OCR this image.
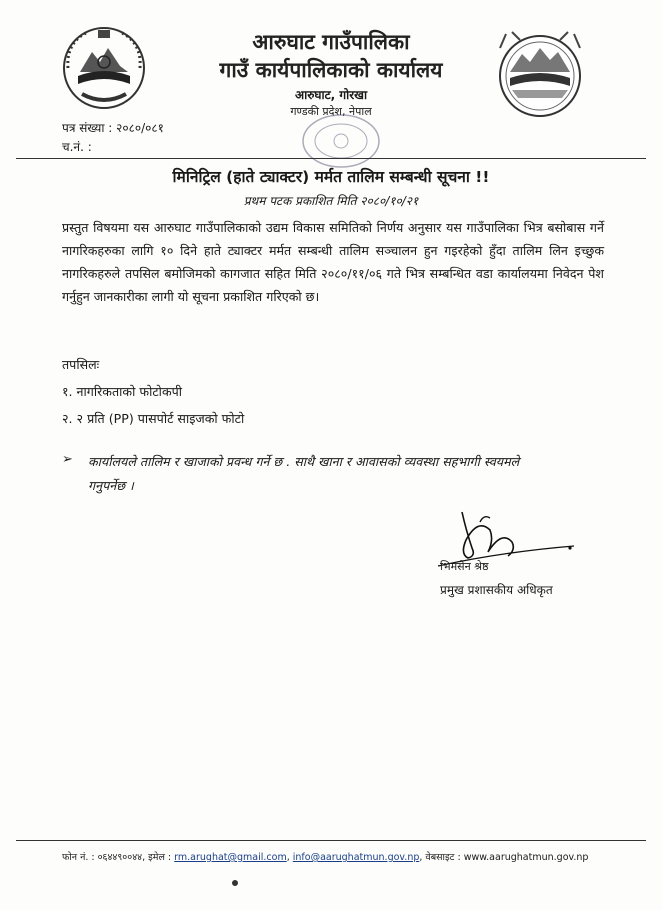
आरुघाट गाउँपालिका
गाउँ कार्यपालिकाको कार्यालय
आरुघाट, गोरखा
गण्डकी प्रदेश, नेपाल
पत्र संख्या : २०८०/०८१
च.नं. :
मिनिट्रिल (हाते ट्याक्टर) मर्मत तालिम सम्बन्धी सूचना !!
प्रथम पटक प्रकाशित मिति २०८०/१०/२१
प्रस्तुत विषयमा यस आरुघाट गाउँपालिकाको उद्यम विकास समितिको निर्णय अनुसार यस गाउँपालिका भित्र बसोबास गर्ने नागरिकहरुका लागि १० दिने हाते ट्याक्टर मर्मत सम्बन्धी तालिम सञ्चालन हुन गइरहेको हुँदा तालिम लिन इच्छुक नागरिकहरुले तपसिल बमोजिमको कागजात सहित मिति २०८०/११/०६ गते भित्र सम्बन्धित वडा कार्यालयमा निवेदन पेश गर्नुहुन जानकारीका लागी यो सूचना प्रकाशित गरिएको छ।
तपसिलः
१. नागरिकताको फोटोकपी
२. २ प्रति (PP) पासपोर्ट साइजको फोटो
➢ कार्यालयले तालिम र खाजाको प्रवन्ध गर्ने छ . साथै खाना र आवासको व्यवस्था सहभागी स्वयमले गनुपर्नेछ ।
भिमसेन श्रेष्ठ
प्रमुख प्रशासकीय अधिकृत
फोन नं. : ०६४४९००४४, इमेल : rm.arughat@gmail.com, info@aarughatmun.gov.np, वेबसाइट : www.aarughatmun.gov.np
